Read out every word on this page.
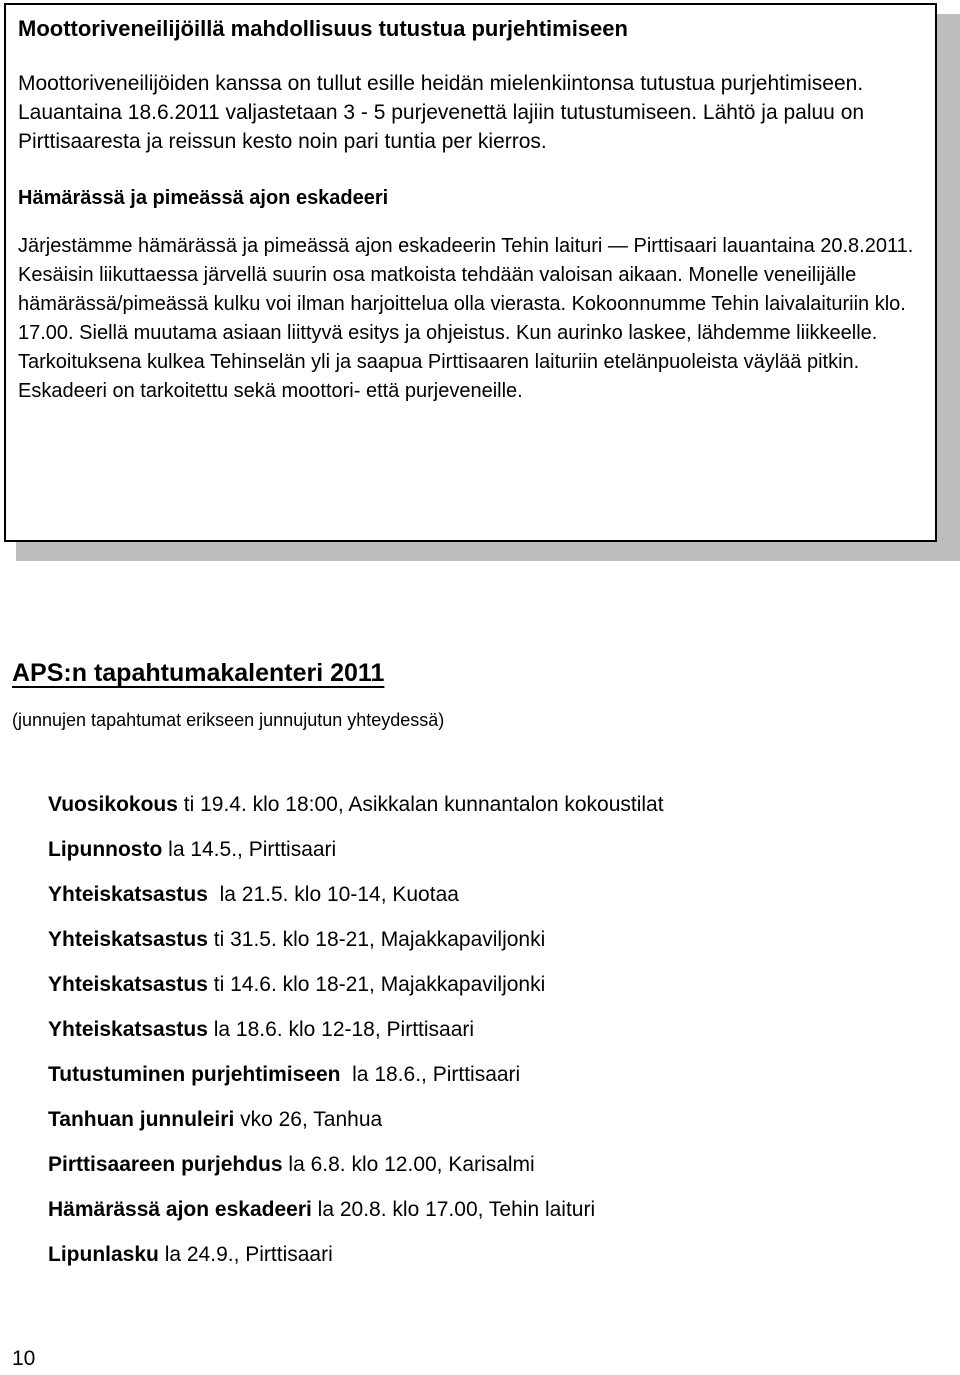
Moottoriveneilijöillä mahdollisuus tutustua purjehtimiseen

Moottoriveneilijöiden kanssa on tullut esille heidän mielenkiintonsa tutustua purjehtimiseen. Lauantaina 18.6.2011 valjastetaan 3 - 5 purjevenettä lajiin tutustumiseen. Lähtö ja paluu on Pirttisaaresta ja reissun kesto noin pari tuntia per kierros.

Hämärässä ja pimeässä ajon eskadeeri

Järjestämme hämärässä ja pimeässä ajon eskadeerin Tehin laituri — Pirttisaari lauantaina 20.8.2011. Kesäisin liikuttaessa järvellä suurin osa matkoista tehdään valoisan aikaan. Monelle veneilijälle hämärässä/pimeässä kulku voi ilman harjoittelua olla vierasta. Kokoonnumme Tehin laivalaituriin klo. 17.00. Siellä muutama asiaan liittyvä esitys ja ohjeistus. Kun aurinko laskee, lähdemme liikkeelle. Tarkoituksena kulkea Tehinselän yli ja saapua Pirttisaaren laituriin etelänpuoleista väylää pitkin. Eskadeeri on tarkoitettu sekä moottori- että purjeveneille.

APS:n tapahtumakalenteri 2011
(junnujen tapahtumat erikseen junnujutun yhteydessä)
Vuosikokous ti 19.4. klo 18:00, Asikkalan kunnantalon kokoustilat
Lipunnosto la 14.5., Pirttisaari
Yhteiskatsastus  la 21.5. klo 10-14, Kuotaa
Yhteiskatsastus ti 31.5. klo 18-21, Majakkapaviljonki
Yhteiskatsastus ti 14.6. klo 18-21, Majakkapaviljonki
Yhteiskatsastus la 18.6. klo 12-18, Pirttisaari
Tutustuminen purjehtimiseen  la 18.6., Pirttisaari
Tanhuan junnuleiri vko 26, Tanhua
Pirttisaareen purjehdus la 6.8. klo 12.00, Karisalmi
Hämärässä ajon eskadeeri la 20.8. klo 17.00, Tehin laituri
Lipunlasku la 24.9., Pirttisaari
10
